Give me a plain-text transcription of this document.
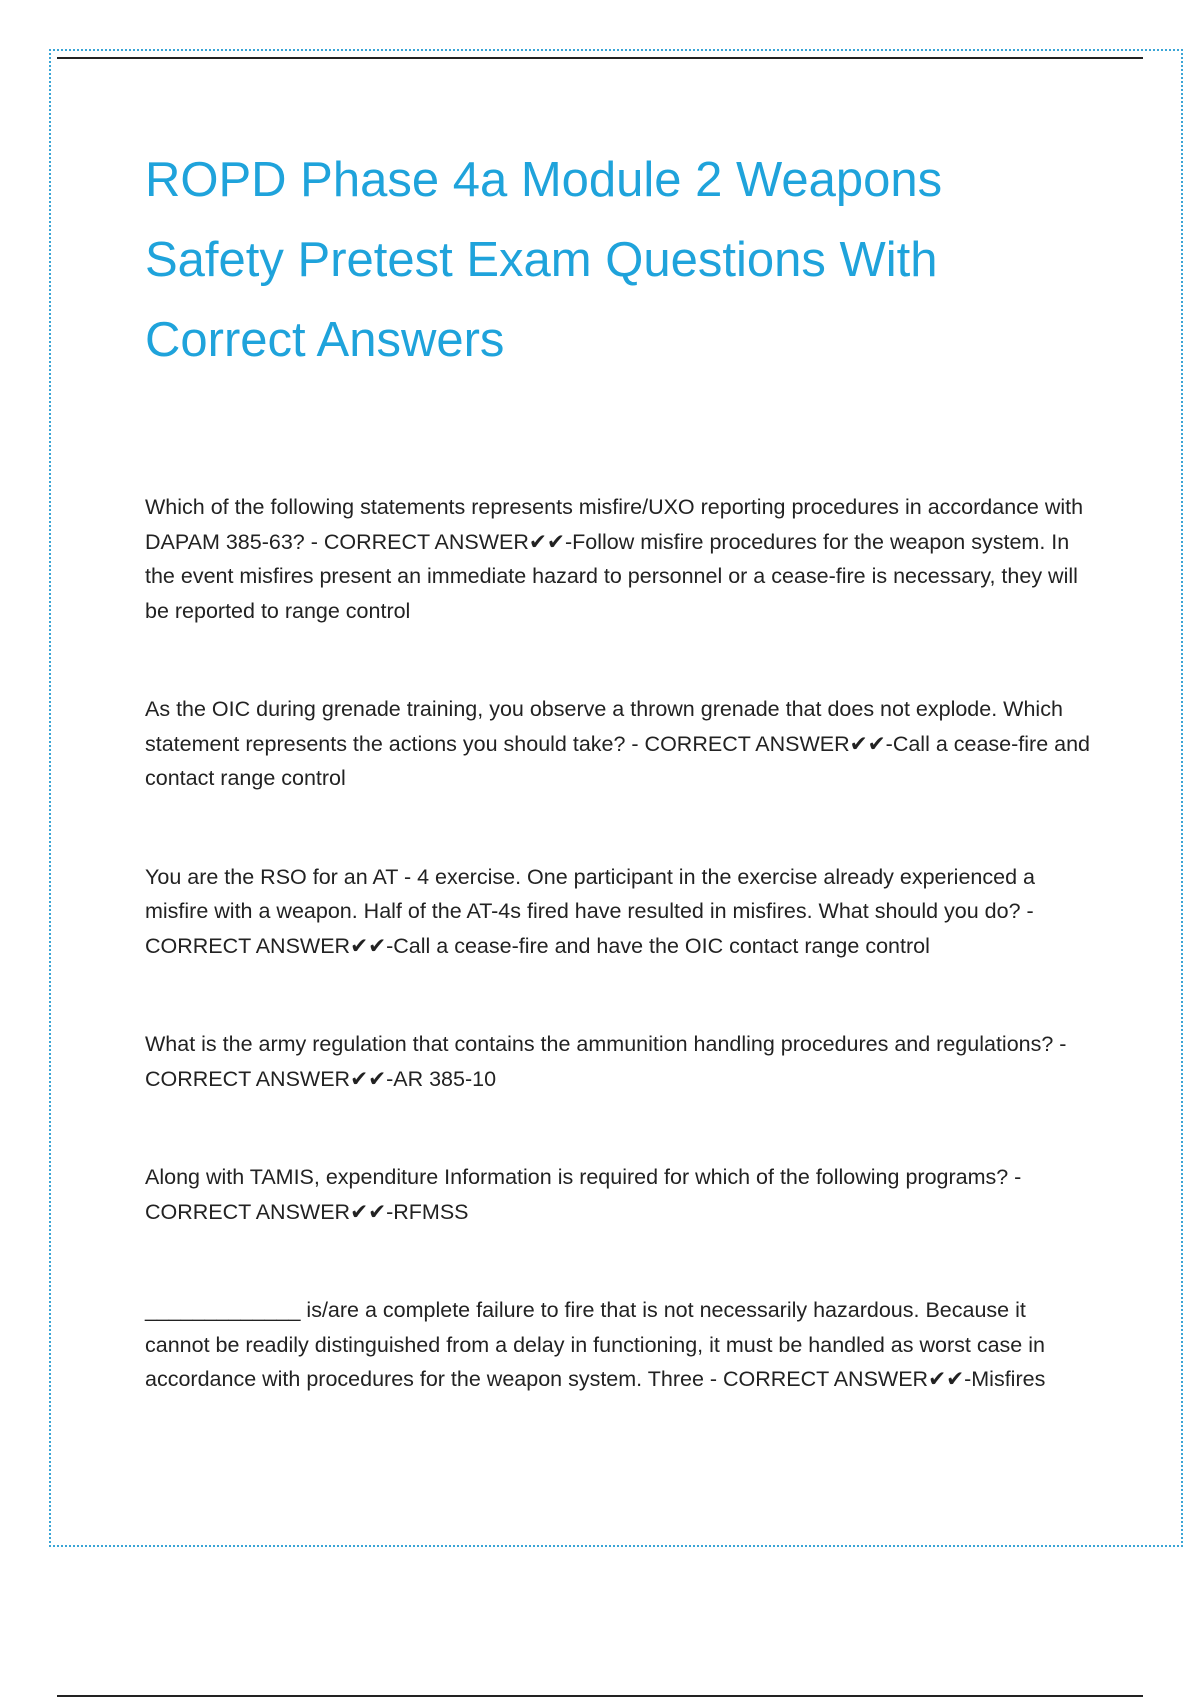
ROPD Phase 4a Module 2 Weapons Safety Pretest Exam Questions With Correct Answers

Which of the following statements represents misfire/UXO reporting procedures in accordance with DAPAM 385-63? - CORRECT ANSWER✔✔-Follow misfire procedures for the weapon system. In the event misfires present an immediate hazard to personnel or a cease-fire is necessary, they will be reported to range control

As the OIC during grenade training, you observe a thrown grenade that does not explode. Which statement represents the actions you should take? - CORRECT ANSWER✔✔-Call a cease-fire and contact range control

You are the RSO for an AT - 4 exercise. One participant in the exercise already experienced a misfire with a weapon. Half of the AT-4s fired have resulted in misfires. What should you do? - CORRECT ANSWER✔✔-Call a cease-fire and have the OIC contact range control

What is the army regulation that contains the ammunition handling procedures and regulations? - CORRECT ANSWER✔✔-AR 385-10

Along with TAMIS, expenditure Information is required for which of the following programs? - CORRECT ANSWER✔✔-RFMSS

_____________ is/are a complete failure to fire that is not necessarily hazardous. Because it cannot be readily distinguished from a delay in functioning, it must be handled as worst case in accordance with procedures for the weapon system. Three - CORRECT ANSWER✔✔-Misfires
